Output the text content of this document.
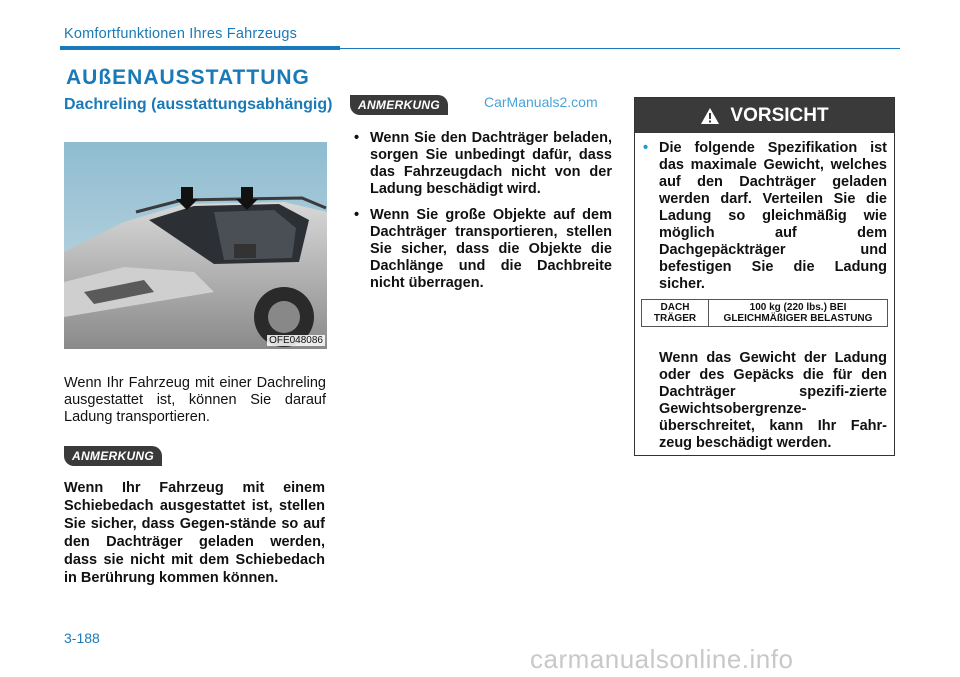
Komfortfunktionen Ihres Fahrzeugs
AUßENAUSSTATTUNG
Dachreling (ausstattungsabhängig)
OFE048086
Wenn Ihr Fahrzeug mit einer Dachreling ausgestattet ist, können Sie darauf Ladung transportieren.
ANMERKUNG
Wenn Ihr Fahrzeug mit einem Schiebedach ausgestattet ist, stellen Sie sicher, dass Gegen-stände so auf den Dachträger geladen werden, dass sie nicht mit dem Schiebedach in Berührung kommen können.
ANMERKUNG	CarManuals2.com
• Wenn Sie den Dachträger beladen, sorgen Sie unbedingt dafür, dass das Fahrzeugdach nicht von der Ladung beschädigt wird.
• Wenn Sie große Objekte auf dem Dachträger transportieren, stellen Sie sicher, dass die Objekte die Dachlänge und die Dachbreite nicht überragen.
VORSICHT
• Die folgende Spezifikation ist das maximale Gewicht, welches auf den Dachträger geladen werden darf. Verteilen Sie die Ladung so gleichmäßig wie möglich auf dem Dachgepäckträger und befestigen Sie die Ladung sicher.
DACH TRÄGER	100 kg (220 lbs.) BEI GLEICHMÄßIGER BELASTUNG
Wenn das Gewicht der Ladung oder des Gepäcks die für den Dachträger spezifi-zierte Gewichtsobergrenze-überschreitet, kann Ihr Fahr-zeug beschädigt werden.
3-188
carmanualsonline.info
